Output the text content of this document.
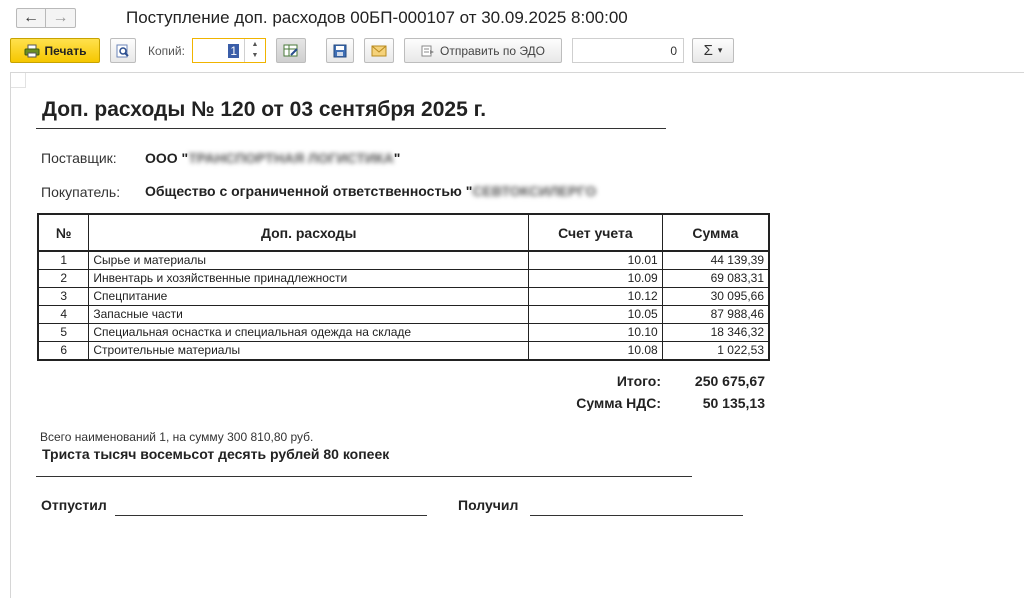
← →	Поступление доп. расходов 00БП-000107 от 30.09.2025 8:00:00
Печать	Копий:	1	▲
▼	Отправить по ЭДО	0	Σ ▾
Доп. расходы № 120 от 03 сентября 2025 г.
Поставщик: ООО "ТРАНСПОРТНАЯ ЛОГИСТИКА"
Покупатель: Общество с ограниченной ответственностью "СЕВТОКСИЛЕРГО
№	Доп. расходы	Счет учета	Сумма
1	Сырье и материалы	10.01	44 139,39
2	Инвентарь и хозяйственные принадлежности	10.09	69 083,31
3	Спецпитание	10.12	30 095,66
4	Запасные части	10.05	87 988,46
5	Специальная оснастка и специальная одежда на складе	10.10	18 346,32
6	Строительные материалы	10.08	1 022,53
Итого: 250 675,67
Сумма НДС:	50 135,13
Всего наименований 1, на сумму 300 810,80 руб.
Триста тысяч восемьсот десять рублей 80 копеек
Отпустил	Получил
